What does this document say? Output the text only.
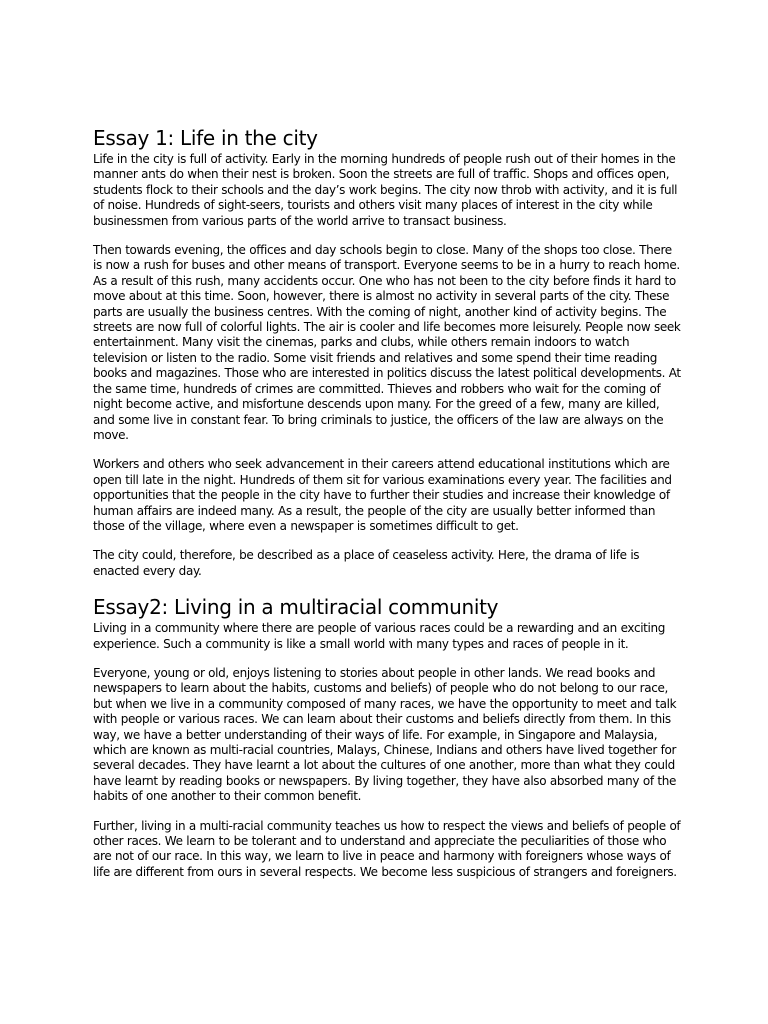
Essay 1: Life in the city

Life in the city is full of activity. Early in the morning hundreds of people rush out of their homes in the manner ants do when their nest is broken. Soon the streets are full of traffic. Shops and offices open, students flock to their schools and the day’s work begins. The city now throb with activity, and it is full of noise. Hundreds of sight-seers, tourists and others visit many places of interest in the city while businessmen from various parts of the world arrive to transact business.

Then towards evening, the offices and day schools begin to close. Many of the shops too close. There is now a rush for buses and other means of transport. Everyone seems to be in a hurry to reach home. As a result of this rush, many accidents occur. One who has not been to the city before finds it hard to move about at this time. Soon, however, there is almost no activity in several parts of the city. These parts are usually the business centres. With the coming of night, another kind of activity begins. The streets are now full of colorful lights. The air is cooler and life becomes more leisurely. People now seek entertainment. Many visit the cinemas, parks and clubs, while others remain indoors to watch television or listen to the radio. Some visit friends and relatives and some spend their time reading books and magazines. Those who are interested in politics discuss the latest political developments. At the same time, hundreds of crimes are committed. Thieves and robbers who wait for the coming of night become active, and misfortune descends upon many. For the greed of a few, many are killed, and some live in constant fear. To bring criminals to justice, the officers of the law are always on the move.

Workers and others who seek advancement in their careers attend educational institutions which are open till late in the night. Hundreds of them sit for various examinations every year. The facilities and opportunities that the people in the city have to further their studies and increase their knowledge of human affairs are indeed many. As a result, the people of the city are usually better informed than those of the village, where even a newspaper is sometimes difficult to get.

The city could, therefore, be described as a place of ceaseless activity. Here, the drama of life is enacted every day.

Essay2: Living in a multiracial community

Living in a community where there are people of various races could be a rewarding and an exciting experience. Such a community is like a small world with many types and races of people in it.

Everyone, young or old, enjoys listening to stories about people in other lands. We read books and newspapers to learn about the habits, customs and beliefs) of people who do not belong to our race, but when we live in a community composed of many races, we have the opportunity to meet and talk with people or various races. We can learn about their customs and beliefs directly from them. In this way, we have a better understanding of their ways of life. For example, in Singapore and Malaysia, which are known as multi-racial countries, Malays, Chinese, Indians and others have lived together for several decades. They have learnt a lot about the cultures of one another, more than what they could have learnt by reading books or newspapers. By living together, they have also absorbed many of the habits of one another to their common benefit.

Further, living in a multi-racial community teaches us how to respect the views and beliefs of people of other races. We learn to be tolerant and to understand and appreciate the peculiarities of those who are not of our race. In this way, we learn to live in peace and harmony with foreigners whose ways of life are different from ours in several respects. We become less suspicious of strangers and foreigners.
